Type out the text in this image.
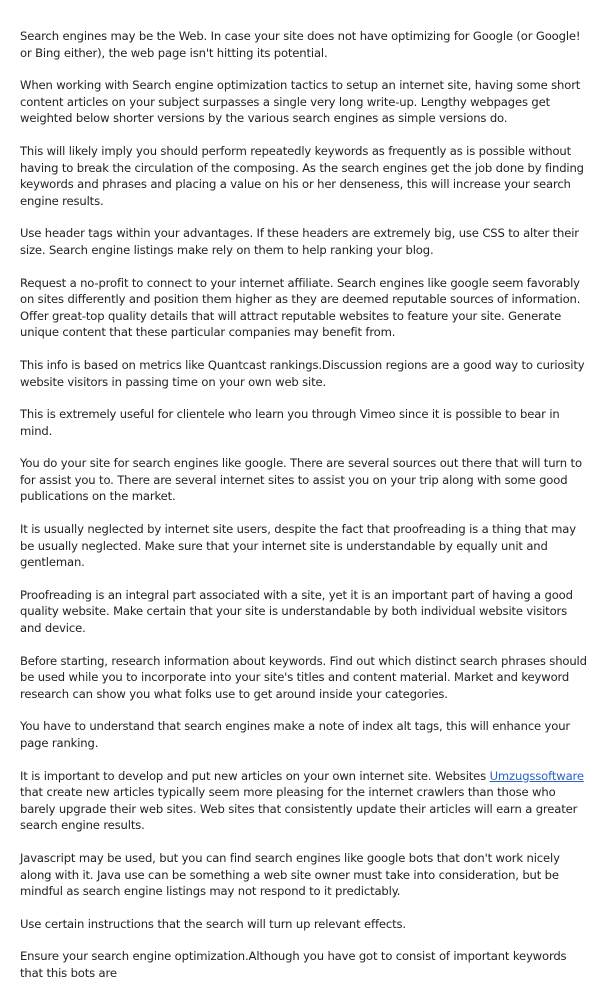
Search engines may be the Web. In case your site does not have optimizing for Google (or Google! or Bing either), the web page isn't hitting its potential.

When working with Search engine optimization tactics to setup an internet site, having some short content articles on your subject surpasses a single very long write-up. Lengthy webpages get weighted below shorter versions by the various search engines as simple versions do.

This will likely imply you should perform repeatedly keywords as frequently as is possible without having to break the circulation of the composing. As the search engines get the job done by finding keywords and phrases and placing a value on his or her denseness, this will increase your search engine results.

Use header tags within your advantages. If these headers are extremely big, use CSS to alter their size. Search engine listings make rely on them to help ranking your blog.

Request a no-profit to connect to your internet affiliate. Search engines like google seem favorably on sites differently and position them higher as they are deemed reputable sources of information. Offer great-top quality details that will attract reputable websites to feature your site. Generate unique content that these particular companies may benefit from.

This info is based on metrics like Quantcast rankings.Discussion regions are a good way to curiosity website visitors in passing time on your own web site.

This is extremely useful for clientele who learn you through Vimeo since it is possible to bear in mind.

You do your site for search engines like google. There are several sources out there that will turn to for assist you to. There are several internet sites to assist you on your trip along with some good publications on the market.

It is usually neglected by internet site users, despite the fact that proofreading is a thing that may be usually neglected. Make sure that your internet site is understandable by equally unit and gentleman.

Proofreading is an integral part associated with a site, yet it is an important part of having a good quality website. Make certain that your site is understandable by both individual website visitors and device.

Before starting, research information about keywords. Find out which distinct search phrases should be used while you to incorporate into your site's titles and content material. Market and keyword research can show you what folks use to get around inside your categories.

You have to understand that search engines make a note of index alt tags, this will enhance your page ranking.

It is important to develop and put new articles on your own internet site. Websites Umzugssoftware that create new articles typically seem more pleasing for the internet crawlers than those who barely upgrade their web sites. Web sites that consistently update their articles will earn a greater search engine results.

Javascript may be used, but you can find search engines like google bots that don't work nicely along with it. Java use can be something a web site owner must take into consideration, but be mindful as search engine listings may not respond to it predictably.

Use certain instructions that the search will turn up relevant effects.

Ensure your search engine optimization.Although you have got to consist of important keywords that this bots are
